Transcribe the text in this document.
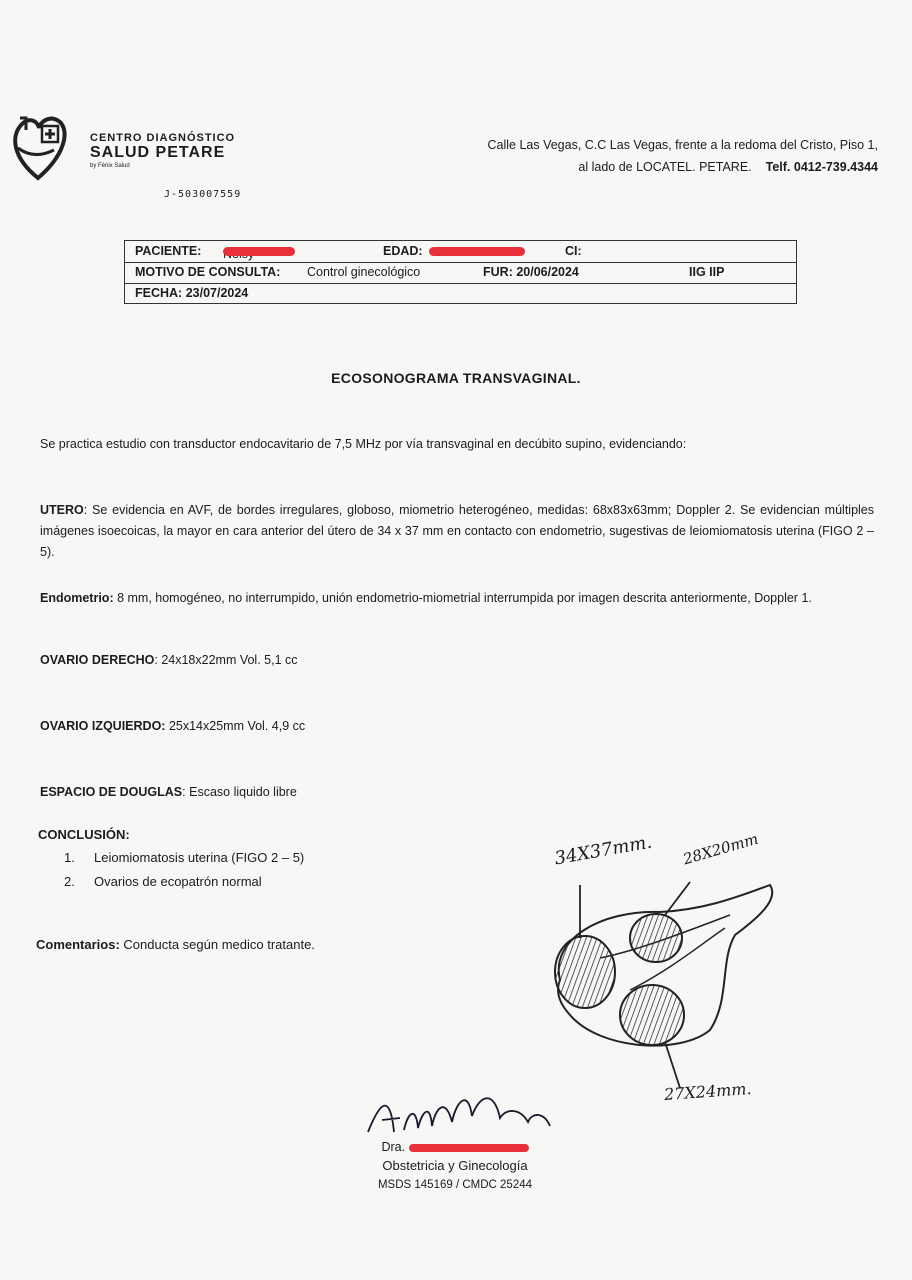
CENTRO DIAGNÓSTICO
SALUD PETARE
by Fénix Salud
J-503007559
Calle Las Vegas, C.C Las Vegas, frente a la redoma del Cristo, Piso 1,
al lado de LOCATEL. PETARE. Telf. 0412-739.4344
PACIENTE:	EDAD:	CI:
MOTIVO DE CONSULTA: Control ginecológico	FUR: 20/06/2024	IIG IIP
FECHA: 23/07/2024
ECOSONOGRAMA TRANSVAGINAL.
Se practica estudio con transductor endocavitario de 7,5 MHz por vía transvaginal en decúbito supino, evidenciando:
UTERO: Se evidencia en AVF, de bordes irregulares, globoso, miometrio heterogéneo, medidas: 68x83x63mm; Doppler 2. Se evidencian múltiples imágenes isoecoicas, la mayor en cara anterior del útero de 34 x 37 mm en contacto con endometrio, sugestivas de leiomiomatosis uterina (FIGO 2 – 5).
Endometrio: 8 mm, homogéneo, no interrumpido, unión endometrio-miometrial interrumpida por imagen descrita anteriormente, Doppler 1.
OVARIO DERECHO: 24x18x22mm Vol. 5,1 cc
OVARIO IZQUIERDO: 25x14x25mm Vol. 4,9 cc
ESPACIO DE DOUGLAS: Escaso liquido libre
CONCLUSIÓN:
1. Leiomiomatosis uterina (FIGO 2 – 5)
2. Ovarios de ecopatrón normal
Comentarios: Conducta según medico tratante.
34X37mm. 28X20mm
27X24mm.
Dra.
Obstetricia y Ginecología
MSDS 145169 / CMDC 25244
